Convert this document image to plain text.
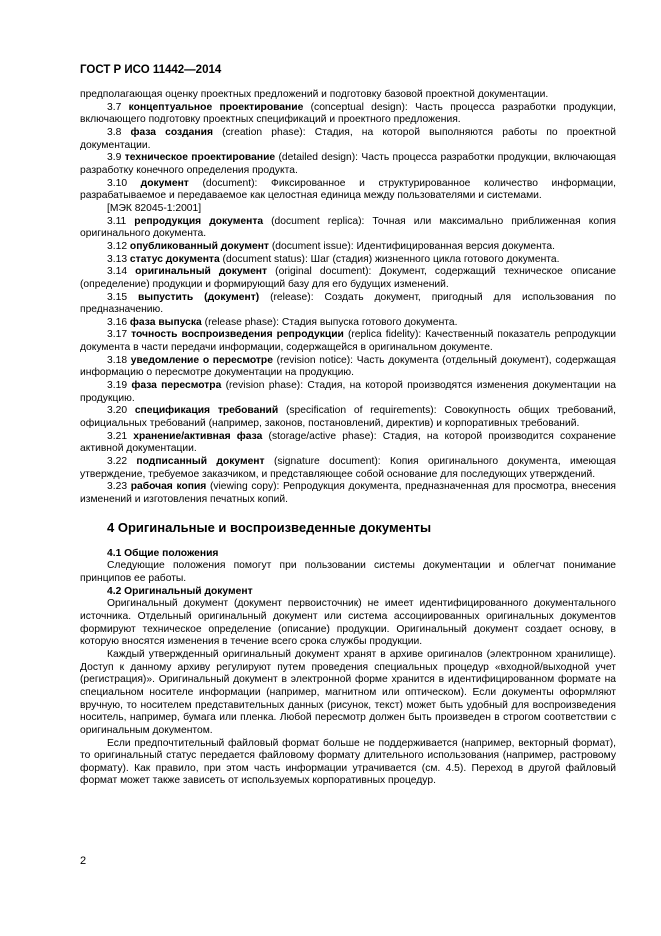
ГОСТ Р ИСО 11442—2014

предполагающая оценку проектных предложений и подготовку базовой проектной документации.

3.7 концептуальное проектирование (conceptual design): Часть процесса разработки продукции, включающего подготовку проектных спецификаций и проектного предложения.

3.8 фаза создания (creation phase): Стадия, на которой выполняются работы по проектной документации.

3.9 техническое проектирование (detailed design): Часть процесса разработки продукции, включающая разработку конечного определения продукта.

3.10 документ (document): Фиксированное и структурированное количество информации, разрабатываемое и передаваемое как целостная единица между пользователями и системами.

[МЭК 82045-1:2001]

3.11 репродукция документа (document replica): Точная или максимально приближенная копия оригинального документа.

3.12 опубликованный документ (document issue): Идентифицированная версия документа.

3.13 статус документа (document status): Шаг (стадия) жизненного цикла готового документа.

3.14 оригинальный документ (original document): Документ, содержащий техническое описание (определение) продукции и формирующий базу для его будущих изменений.

3.15 выпустить (документ) (release): Создать документ, пригодный для использования по предназначению.

3.16 фаза выпуска (release phase): Стадия выпуска готового документа.

3.17 точность воспроизведения репродукции (replica fidelity): Качественный показатель репродукции документа в части передачи информации, содержащейся в оригинальном документе.

3.18 уведомление о пересмотре (revision notice): Часть документа (отдельный документ), содержащая информацию о пересмотре документации на продукцию.

3.19 фаза пересмотра (revision phase): Стадия, на которой производятся изменения документации на продукцию.

3.20 спецификация требований (specification of requirements): Совокупность общих требований, официальных требований (например, законов, постановлений, директив) и корпоративных требований.

3.21 хранение/активная фаза (storage/active phase): Стадия, на которой производится сохранение активной документации.

3.22 подписанный документ (signature document): Копия оригинального документа, имеющая утверждение, требуемое заказчиком, и представляющее собой основание для последующих утверждений.

3.23 рабочая копия (viewing copy): Репродукция документа, предназначенная для просмотра, внесения изменений и изготовления печатных копий.

4 Оригинальные и воспроизведенные документы

4.1 Общие положения

Следующие положения помогут при пользовании системы документации и облегчат понимание принципов ее работы.

4.2 Оригинальный документ

Оригинальный документ (документ первоисточник) не имеет идентифицированного документального источника. Отдельный оригинальный документ или система ассоциированных оригинальных документов формируют техническое определение (описание) продукции. Оригинальный документ создает основу, в которую вносятся изменения в течение всего срока службы продукции.

Каждый утвержденный оригинальный документ хранят в архиве оригиналов (электронном хранилище). Доступ к данному архиву регулируют путем проведения специальных процедур «входной/выходной учет (регистрация)». Оригинальный документ в электронной форме хранится в идентифицированном формате на специальном носителе информации (например, магнитном или оптическом). Если документы оформляют вручную, то носителем представительных данных (рисунок, текст) может быть удобный для воспроизведения носитель, например, бумага или пленка. Любой пересмотр должен быть произведен в строгом соответствии с оригинальным документом.

Если предпочтительный файловый формат больше не поддерживается (например, векторный формат), то оригинальный статус передается файловому формату длительного использования (например, растровому формату). Как правило, при этом часть информации утрачивается (см. 4.5). Переход в другой файловый формат может также зависеть от используемых корпоративных процедур.

2
